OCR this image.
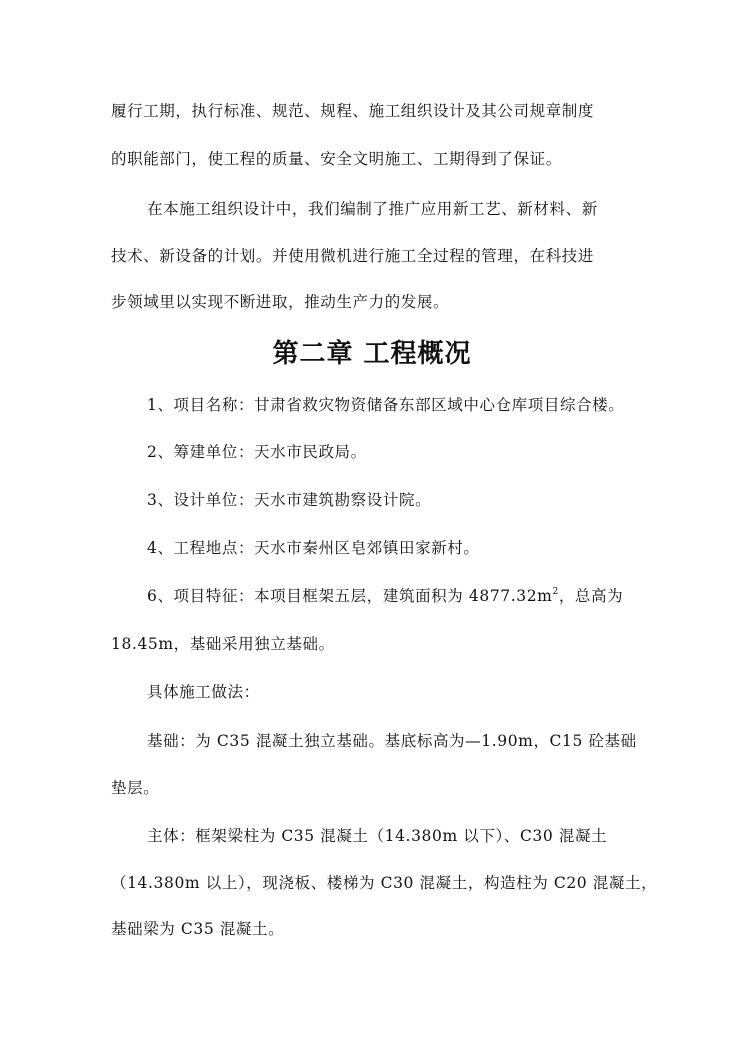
履行工期，执行标准、规范、规程、施工组织设计及其公司规章制度
的职能部门，使工程的质量、安全文明施工、工期得到了保证。
在本施工组织设计中，我们编制了推广应用新工艺、新材料、新
技术、新设备的计划。并使用微机进行施工全过程的管理，在科技进
步领域里以实现不断进取，推动生产力的发展。
第二章 工程概况
1、项目名称：甘肃省救灾物资储备东部区域中心仓库项目综合楼。
2、筹建单位：天水市民政局。
3、设计单位：天水市建筑勘察设计院。
4、工程地点：天水市秦州区皂郊镇田家新村。
6、项目特征：本项目框架五层，建筑面积为 $4877.32m^2$，总高为
18.45m，基础采用独立基础。
具体施工做法：
基础：为 C35 混凝土独立基础。基底标高为—1.90m，C15 砼基础
垫层。
主体：框架梁柱为 C35 混凝土（14.380m 以下）、C30 混凝土
（14.380m 以上），现浇板、楼梯为 C30 混凝土，构造柱为 C20 混凝土，
基础梁为 C35 混凝土。
